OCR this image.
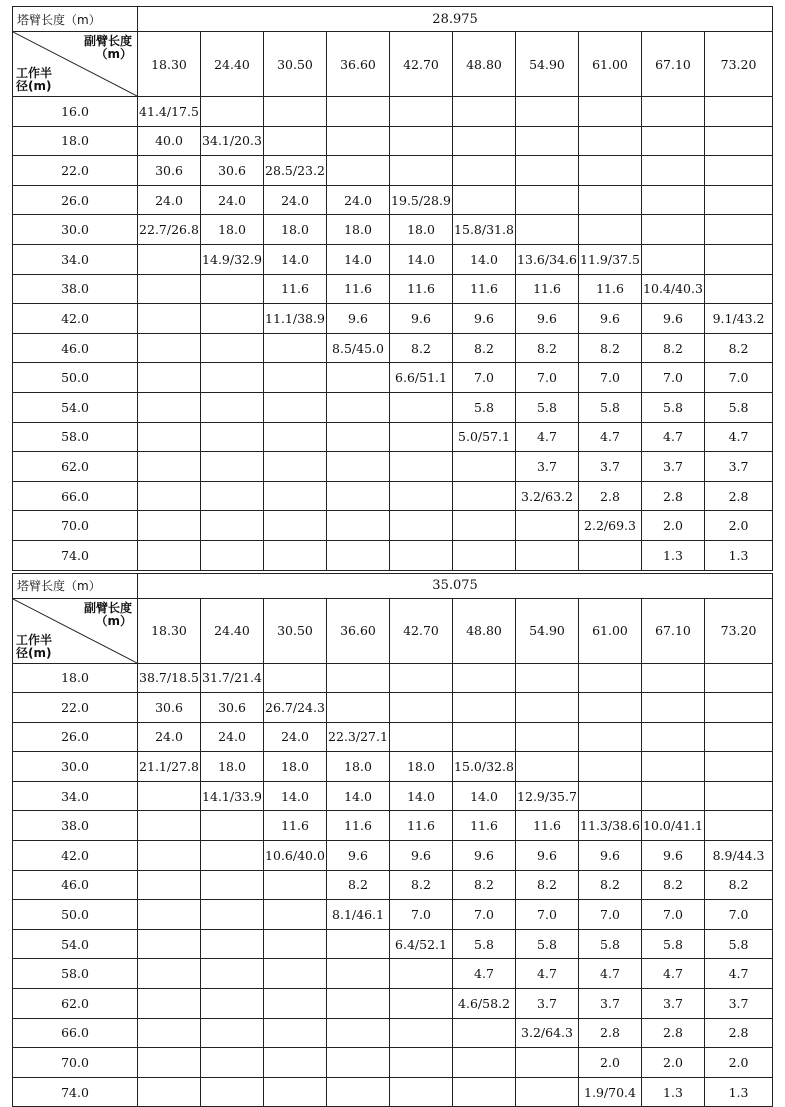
塔臂长度（m）	28.975									

副臂长度
（m）
工作半径(m)	18.30	24.40	30.50	36.60	42.70	48.80	54.90	61.00	67.10	73.20
16.0	41.4/17.5									
18.0	40.0	34.1/20.3								
22.0	30.6	30.6	28.5/23.2							
26.0	24.0	24.0	24.0	24.0	19.5/28.9					
30.0	22.7/26.8	18.0	18.0	18.0	18.0	15.8/31.8				
34.0		14.9/32.9	14.0	14.0	14.0	14.0	13.6/34.6	11.9/37.5		
38.0			11.6	11.6	11.6	11.6	11.6	11.6	10.4/40.3	
42.0			11.1/38.9	9.6	9.6	9.6	9.6	9.6	9.6	9.1/43.2
46.0				8.5/45.0	8.2	8.2	8.2	8.2	8.2	8.2
50.0					6.6/51.1	7.0	7.0	7.0	7.0	7.0
54.0						5.8	5.8	5.8	5.8	5.8
58.0						5.0/57.1	4.7	4.7	4.7	4.7
62.0							3.7	3.7	3.7	3.7
66.0							3.2/63.2	2.8	2.8	2.8
70.0								2.2/69.3	2.0	2.0
74.0									1.3	1.3
塔臂长度（m）	35.075									

副臂长度
（m）
工作半径(m)	18.30	24.40	30.50	36.60	42.70	48.80	54.90	61.00	67.10	73.20
18.0	38.7/18.5	31.7/21.4								
22.0	30.6	30.6	26.7/24.3							
26.0	24.0	24.0	24.0	22.3/27.1						
30.0	21.1/27.8	18.0	18.0	18.0	18.0	15.0/32.8				
34.0		14.1/33.9	14.0	14.0	14.0	14.0	12.9/35.7			
38.0			11.6	11.6	11.6	11.6	11.6	11.3/38.6	10.0/41.1	
42.0			10.6/40.0	9.6	9.6	9.6	9.6	9.6	9.6	8.9/44.3
46.0				8.2	8.2	8.2	8.2	8.2	8.2	8.2
50.0				8.1/46.1	7.0	7.0	7.0	7.0	7.0	7.0
54.0					6.4/52.1	5.8	5.8	5.8	5.8	5.8
58.0						4.7	4.7	4.7	4.7	4.7
62.0						4.6/58.2	3.7	3.7	3.7	3.7
66.0							3.2/64.3	2.8	2.8	2.8
70.0								2.0	2.0	2.0
74.0								1.9/70.4	1.3	1.3
